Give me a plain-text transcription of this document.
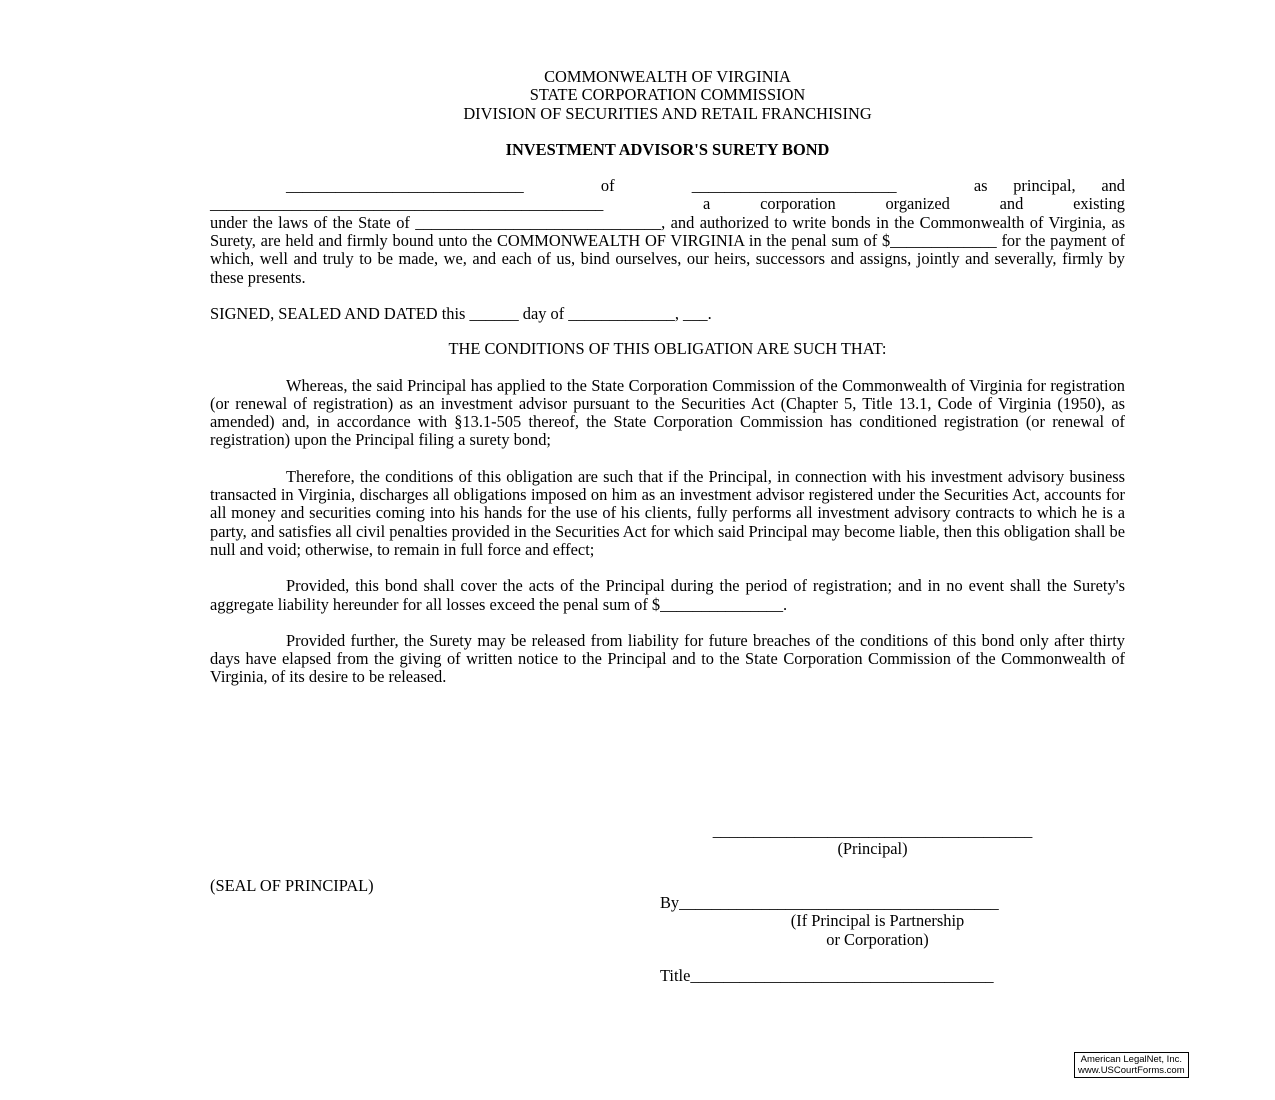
COMMONWEALTH OF VIRGINIA
STATE CORPORATION COMMISSION
DIVISION OF SECURITIES AND RETAIL FRANCHISING
INVESTMENT ADVISOR'S SURETY BOND
_____________________________   of   _________________________   as principal, and
________________________________________________  a corporation organized and existing

under the laws of the State of ______________________________, and authorized to write bonds in the Commonwealth of Virginia, as Surety, are held and firmly bound unto the COMMONWEALTH OF VIRGINIA in the penal sum of $_____________ for the payment of which, well and truly to be made, we, and each of us, bind ourselves, our heirs, successors and assigns, jointly and severally, firmly by these presents.

SIGNED, SEALED AND DATED this ______ day of _____________, ___.

THE CONDITIONS OF THIS OBLIGATION ARE SUCH THAT:

Whereas, the said Principal has applied to the State Corporation Commission of the Commonwealth of Virginia for registration (or renewal of registration) as an investment advisor pursuant to the Securities Act (Chapter 5, Title 13.1, Code of Virginia (1950), as amended) and, in accordance with §13.1-505 thereof, the State Corporation Commission has conditioned registration (or renewal of registration) upon the Principal filing a surety bond;

Therefore, the conditions of this obligation are such that if the Principal, in connection with his investment advisory business transacted in Virginia, discharges all obligations imposed on him as an investment advisor registered under the Securities Act, accounts for all money and securities coming into his hands for the use of his clients, fully performs all investment advisory contracts to which he is a party, and satisfies all civil penalties provided in the Securities Act for which said Principal may become liable, then this obligation shall be null and void; otherwise, to remain in full force and effect;

Provided, this bond shall cover the acts of the Principal during the period of registration; and in no event shall the Surety's aggregate liability hereunder for all losses exceed the penal sum of $_______________.

Provided further, the Surety may be released from liability for future breaches of the conditions of this bond only after thirty days have elapsed from the giving of written notice to the Principal and to the State Corporation Commission of the Commonwealth of Virginia, of its desire to be released.

_______________________________________
(Principal)
(SEAL OF PRINCIPAL)
By_______________________________________
(If Principal is Partnership
or Corporation)
Title_____________________________________
American LegalNet, Inc.
www.USCourtForms.com
